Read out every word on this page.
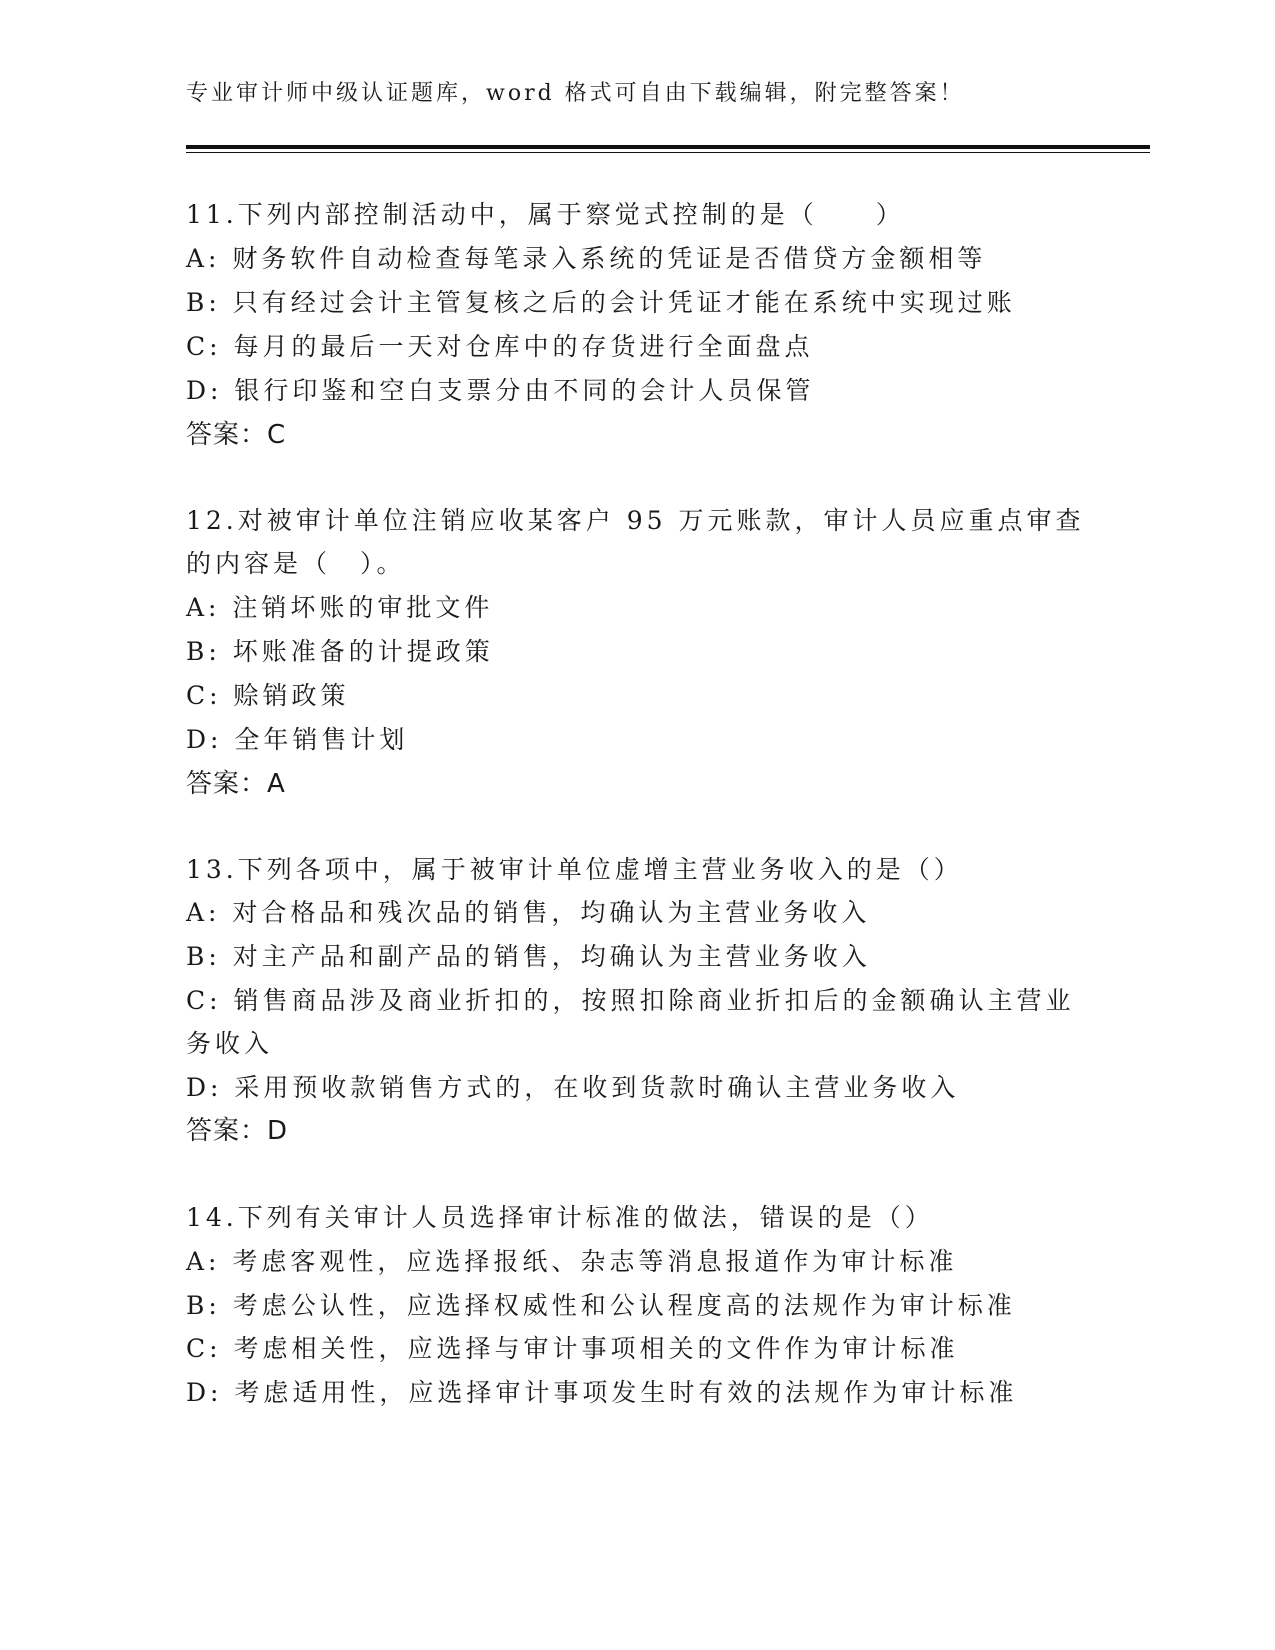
专业审计师中级认证题库，word 格式可自由下载编辑，附完整答案！
11.下列内部控制活动中，属于察觉式控制的是（　　）
A: 财务软件自动检查每笔录入系统的凭证是否借贷方金额相等
B: 只有经过会计主管复核之后的会计凭证才能在系统中实现过账
C: 每月的最后一天对仓库中的存货进行全面盘点
D: 银行印鉴和空白支票分由不同的会计人员保管
答案：C
12.对被审计单位注销应收某客户 95 万元账款，审计人员应重点审查
的内容是（　）。
A: 注销坏账的审批文件
B: 坏账准备的计提政策
C: 赊销政策
D: 全年销售计划
答案：A
13.下列各项中，属于被审计单位虚增主营业务收入的是（）
A: 对合格品和残次品的销售，均确认为主营业务收入
B: 对主产品和副产品的销售，均确认为主营业务收入
C: 销售商品涉及商业折扣的，按照扣除商业折扣后的金额确认主营业
务收入
D: 采用预收款销售方式的，在收到货款时确认主营业务收入
答案：D
14.下列有关审计人员选择审计标准的做法，错误的是（）
A: 考虑客观性，应选择报纸、杂志等消息报道作为审计标准
B: 考虑公认性，应选择权威性和公认程度高的法规作为审计标准
C: 考虑相关性，应选择与审计事项相关的文件作为审计标准
D: 考虑适用性，应选择审计事项发生时有效的法规作为审计标准
